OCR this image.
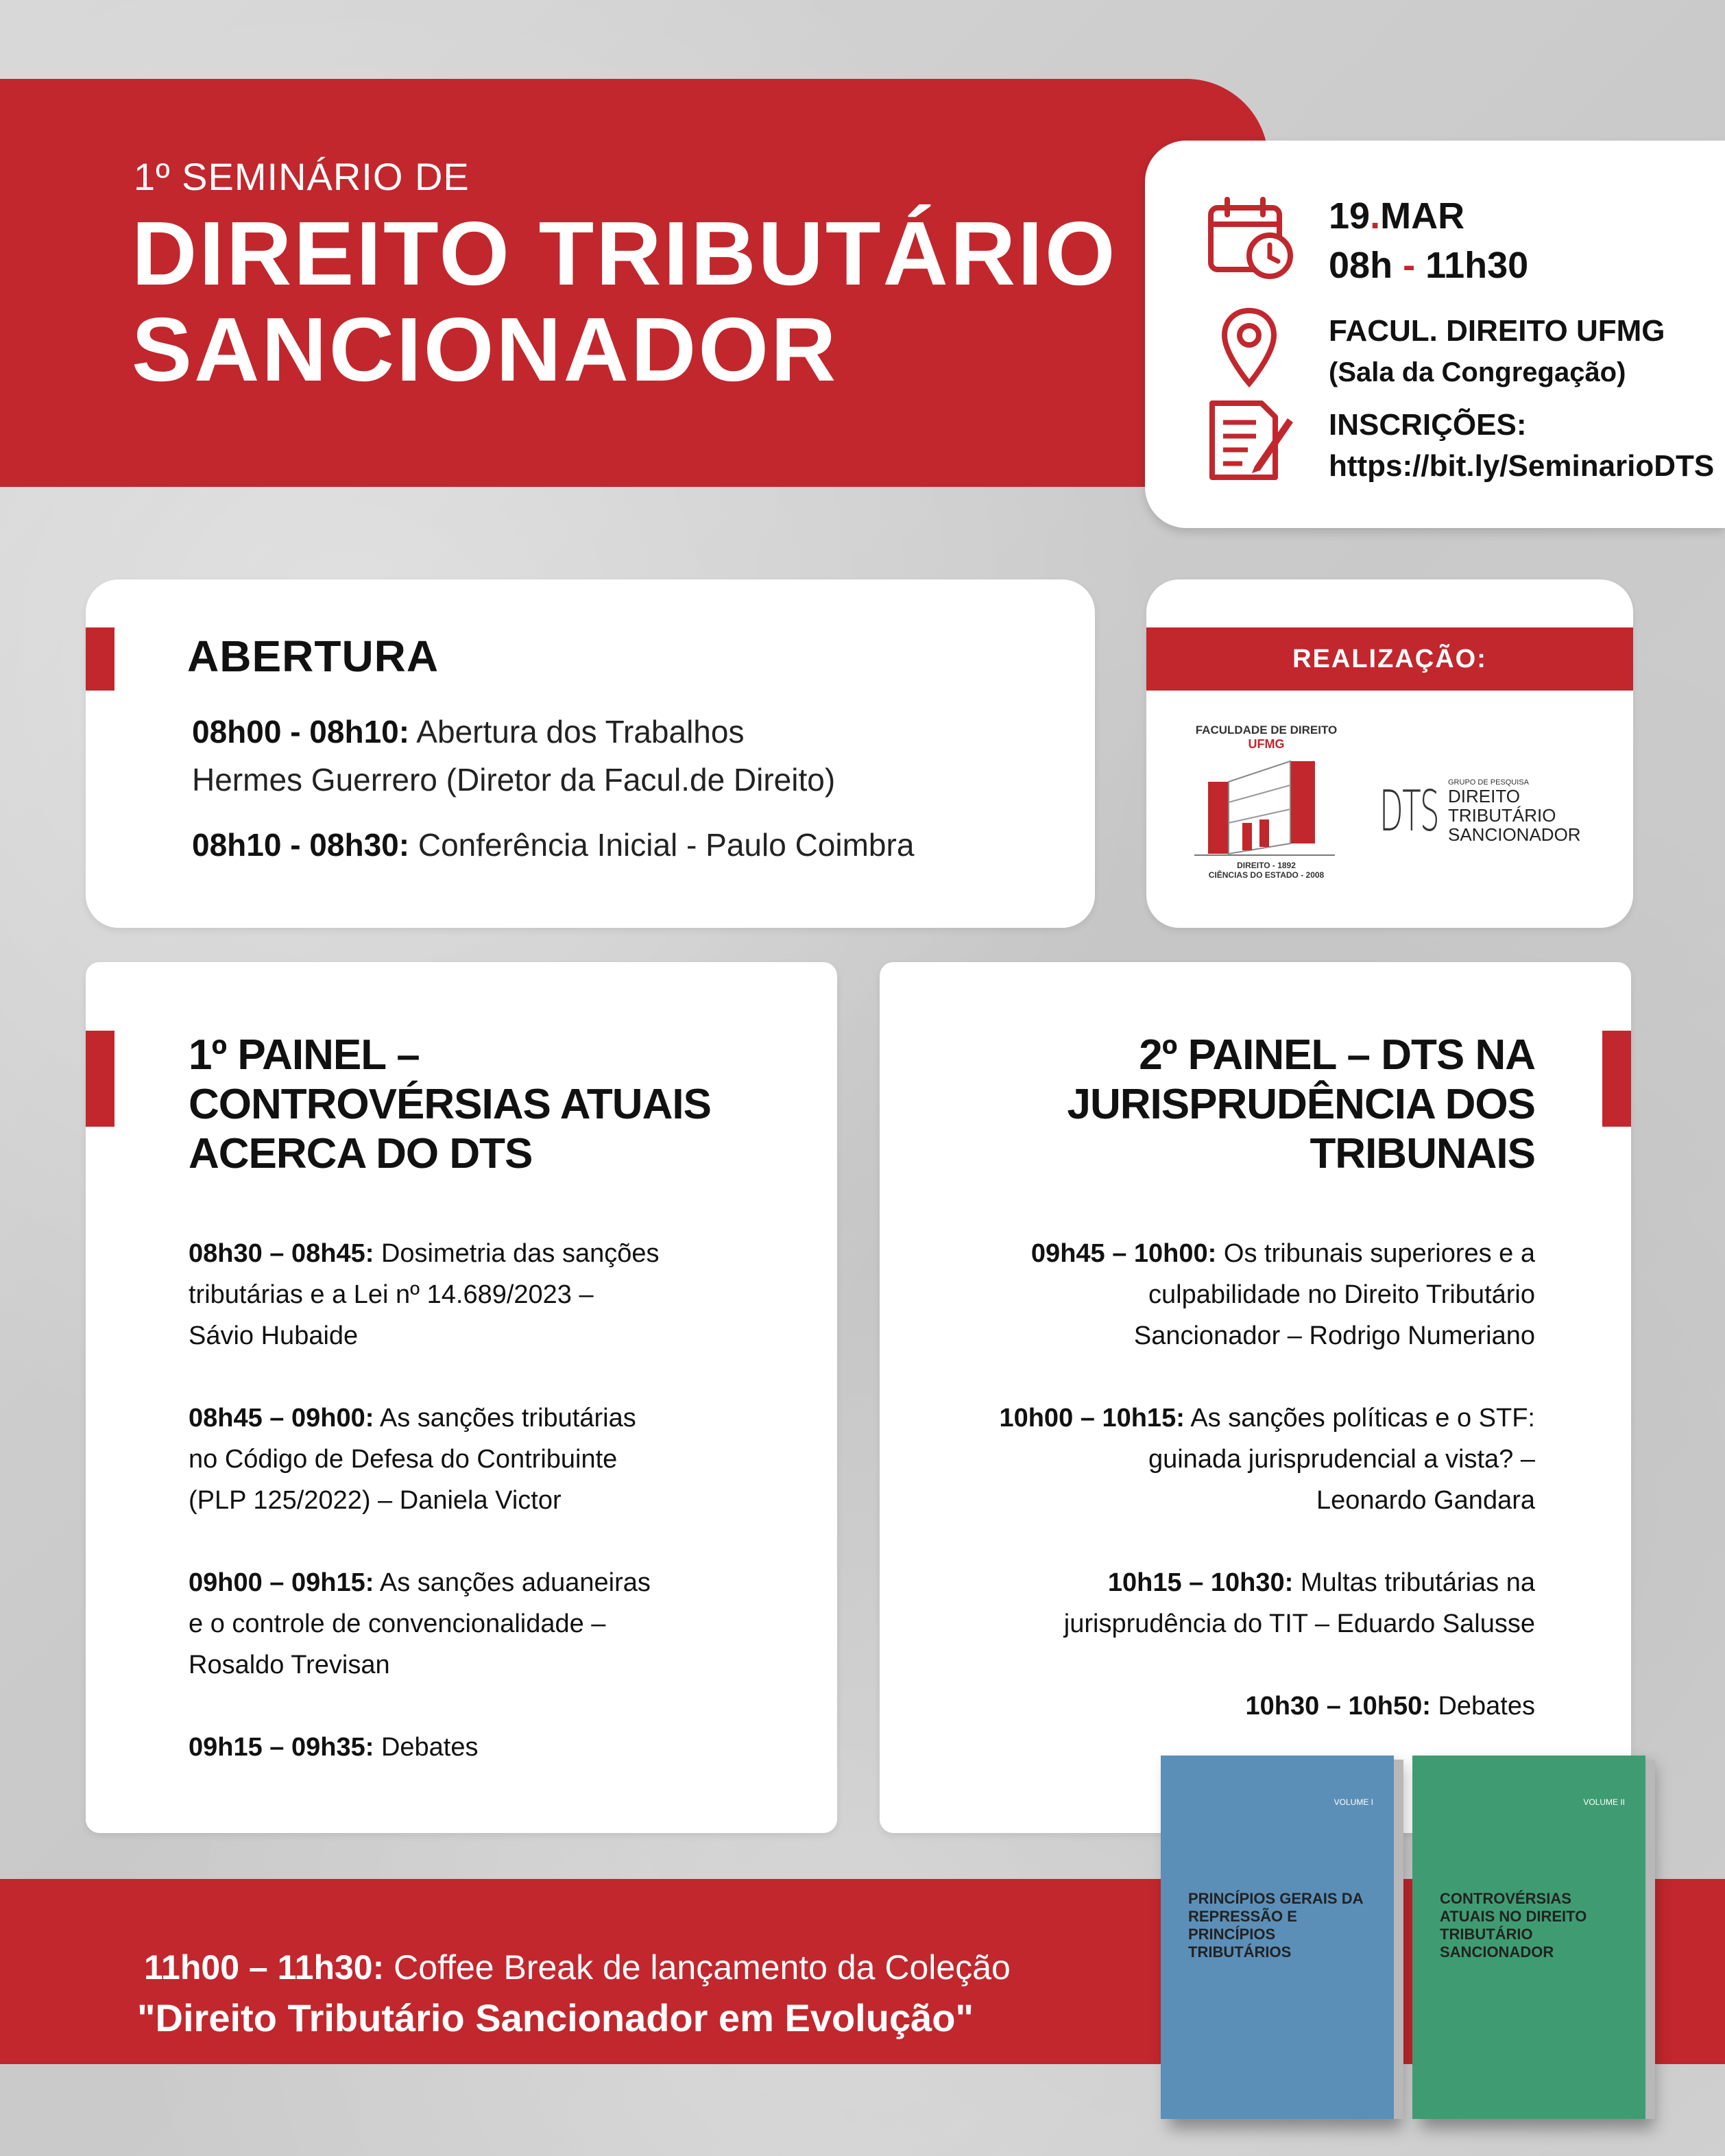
1º SEMINÁRIO DE
DIREITO TRIBUTÁRIO
SANCIONADOR
19.MAR
08h - 11h30
FACUL. DIREITO UFMG
(Sala da Congregação)
INSCRIÇÕES:
https://bit.ly/SeminarioDTS
ABERTURA
08h00 - 08h10: Abertura dos Trabalhos
Hermes Guerrero (Diretor da Facul.de Direito)
08h10 - 08h30: Conferência Inicial - Paulo Coimbra
REALIZAÇÃO:
FACULDADE DE DIREITO
UFMG
DIREITO - 1892
CIÊNCIAS DO ESTADO - 2008
DTS GRUPO DE PESQUISA
DIREITO
TRIBUTÁRIO
SANCIONADOR
1º PAINEL –
CONTROVÉRSIAS ATUAIS
ACERCA DO DTS
08h30 – 08h45: Dosimetria das sanções
tributárias e a Lei nº 14.689/2023 –
Sávio Hubaide
08h45 – 09h00: As sanções tributárias
no Código de Defesa do Contribuinte
(PLP 125/2022) – Daniela Victor
09h00 – 09h15: As sanções aduaneiras
e o controle de convencionalidade –
Rosaldo Trevisan
09h15 – 09h35: Debates
2º PAINEL – DTS NA
JURISPRUDÊNCIA DOS
TRIBUNAIS
09h45 – 10h00: Os tribunais superiores e a
culpabilidade no Direito Tributário
Sancionador – Rodrigo Numeriano
10h00 – 10h15: As sanções políticas e o STF:
guinada jurisprudencial a vista? –
Leonardo Gandara
10h15 – 10h30: Multas tributárias na
jurisprudência do TIT – Eduardo Salusse
10h30 – 10h50: Debates
11h00 – 11h30: Coffee Break de lançamento da Coleção
"Direito Tributário Sancionador em Evolução"
VOLUME I
PRINCÍPIOS GERAIS DA REPRESSÃO E PRINCÍPIOS TRIBUTÁRIOS
VOLUME II
CONTROVÉRSIAS ATUAIS NO DIREITO TRIBUTÁRIO SANCIONADOR
